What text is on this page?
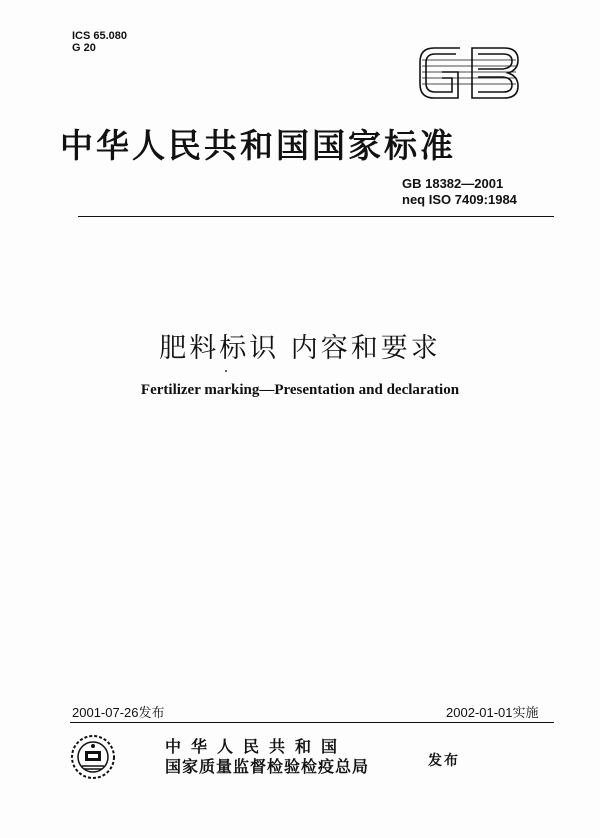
ICS 65.080
G 20
中华人民共和国国家标准
GB 18382—2001
neq ISO 7409:1984
肥料标识 内容和要求
Fertilizer marking—Presentation and declaration
2001-07-26发布	2002-01-01实施
中华人民共和国
国家质量监督检验检疫总局	发布
